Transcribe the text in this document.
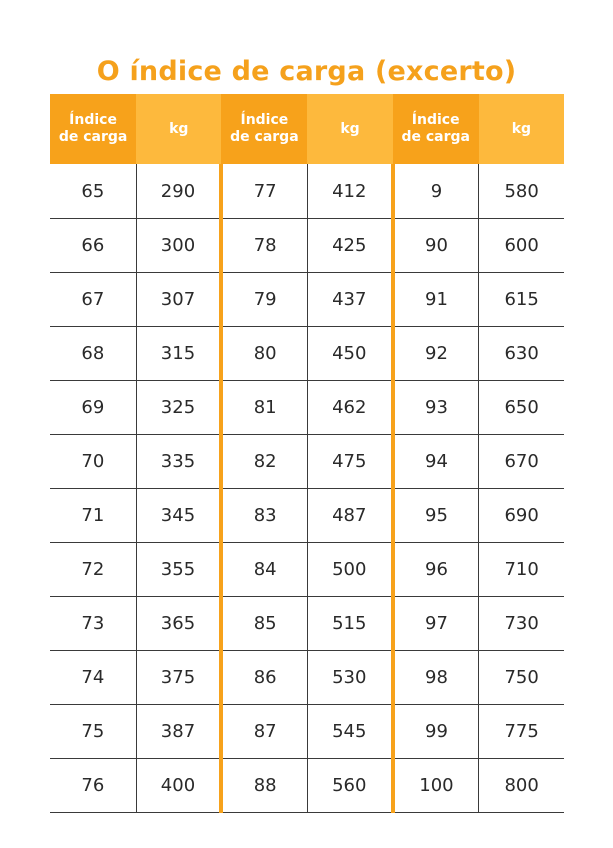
O índice de carga (excerto)
Índice
de carga	kg	Índice
de carga	kg	Índice
de carga	kg

65	290	77	412	9	580
66	300	78	425	90	600
67	307	79	437	91	615
68	315	80	450	92	630
69	325	81	462	93	650
70	335	82	475	94	670
71	345	83	487	95	690
72	355	84	500	96	710
73	365	85	515	97	730
74	375	86	530	98	750
75	387	87	545	99	775
76	400	88	560	100	800
